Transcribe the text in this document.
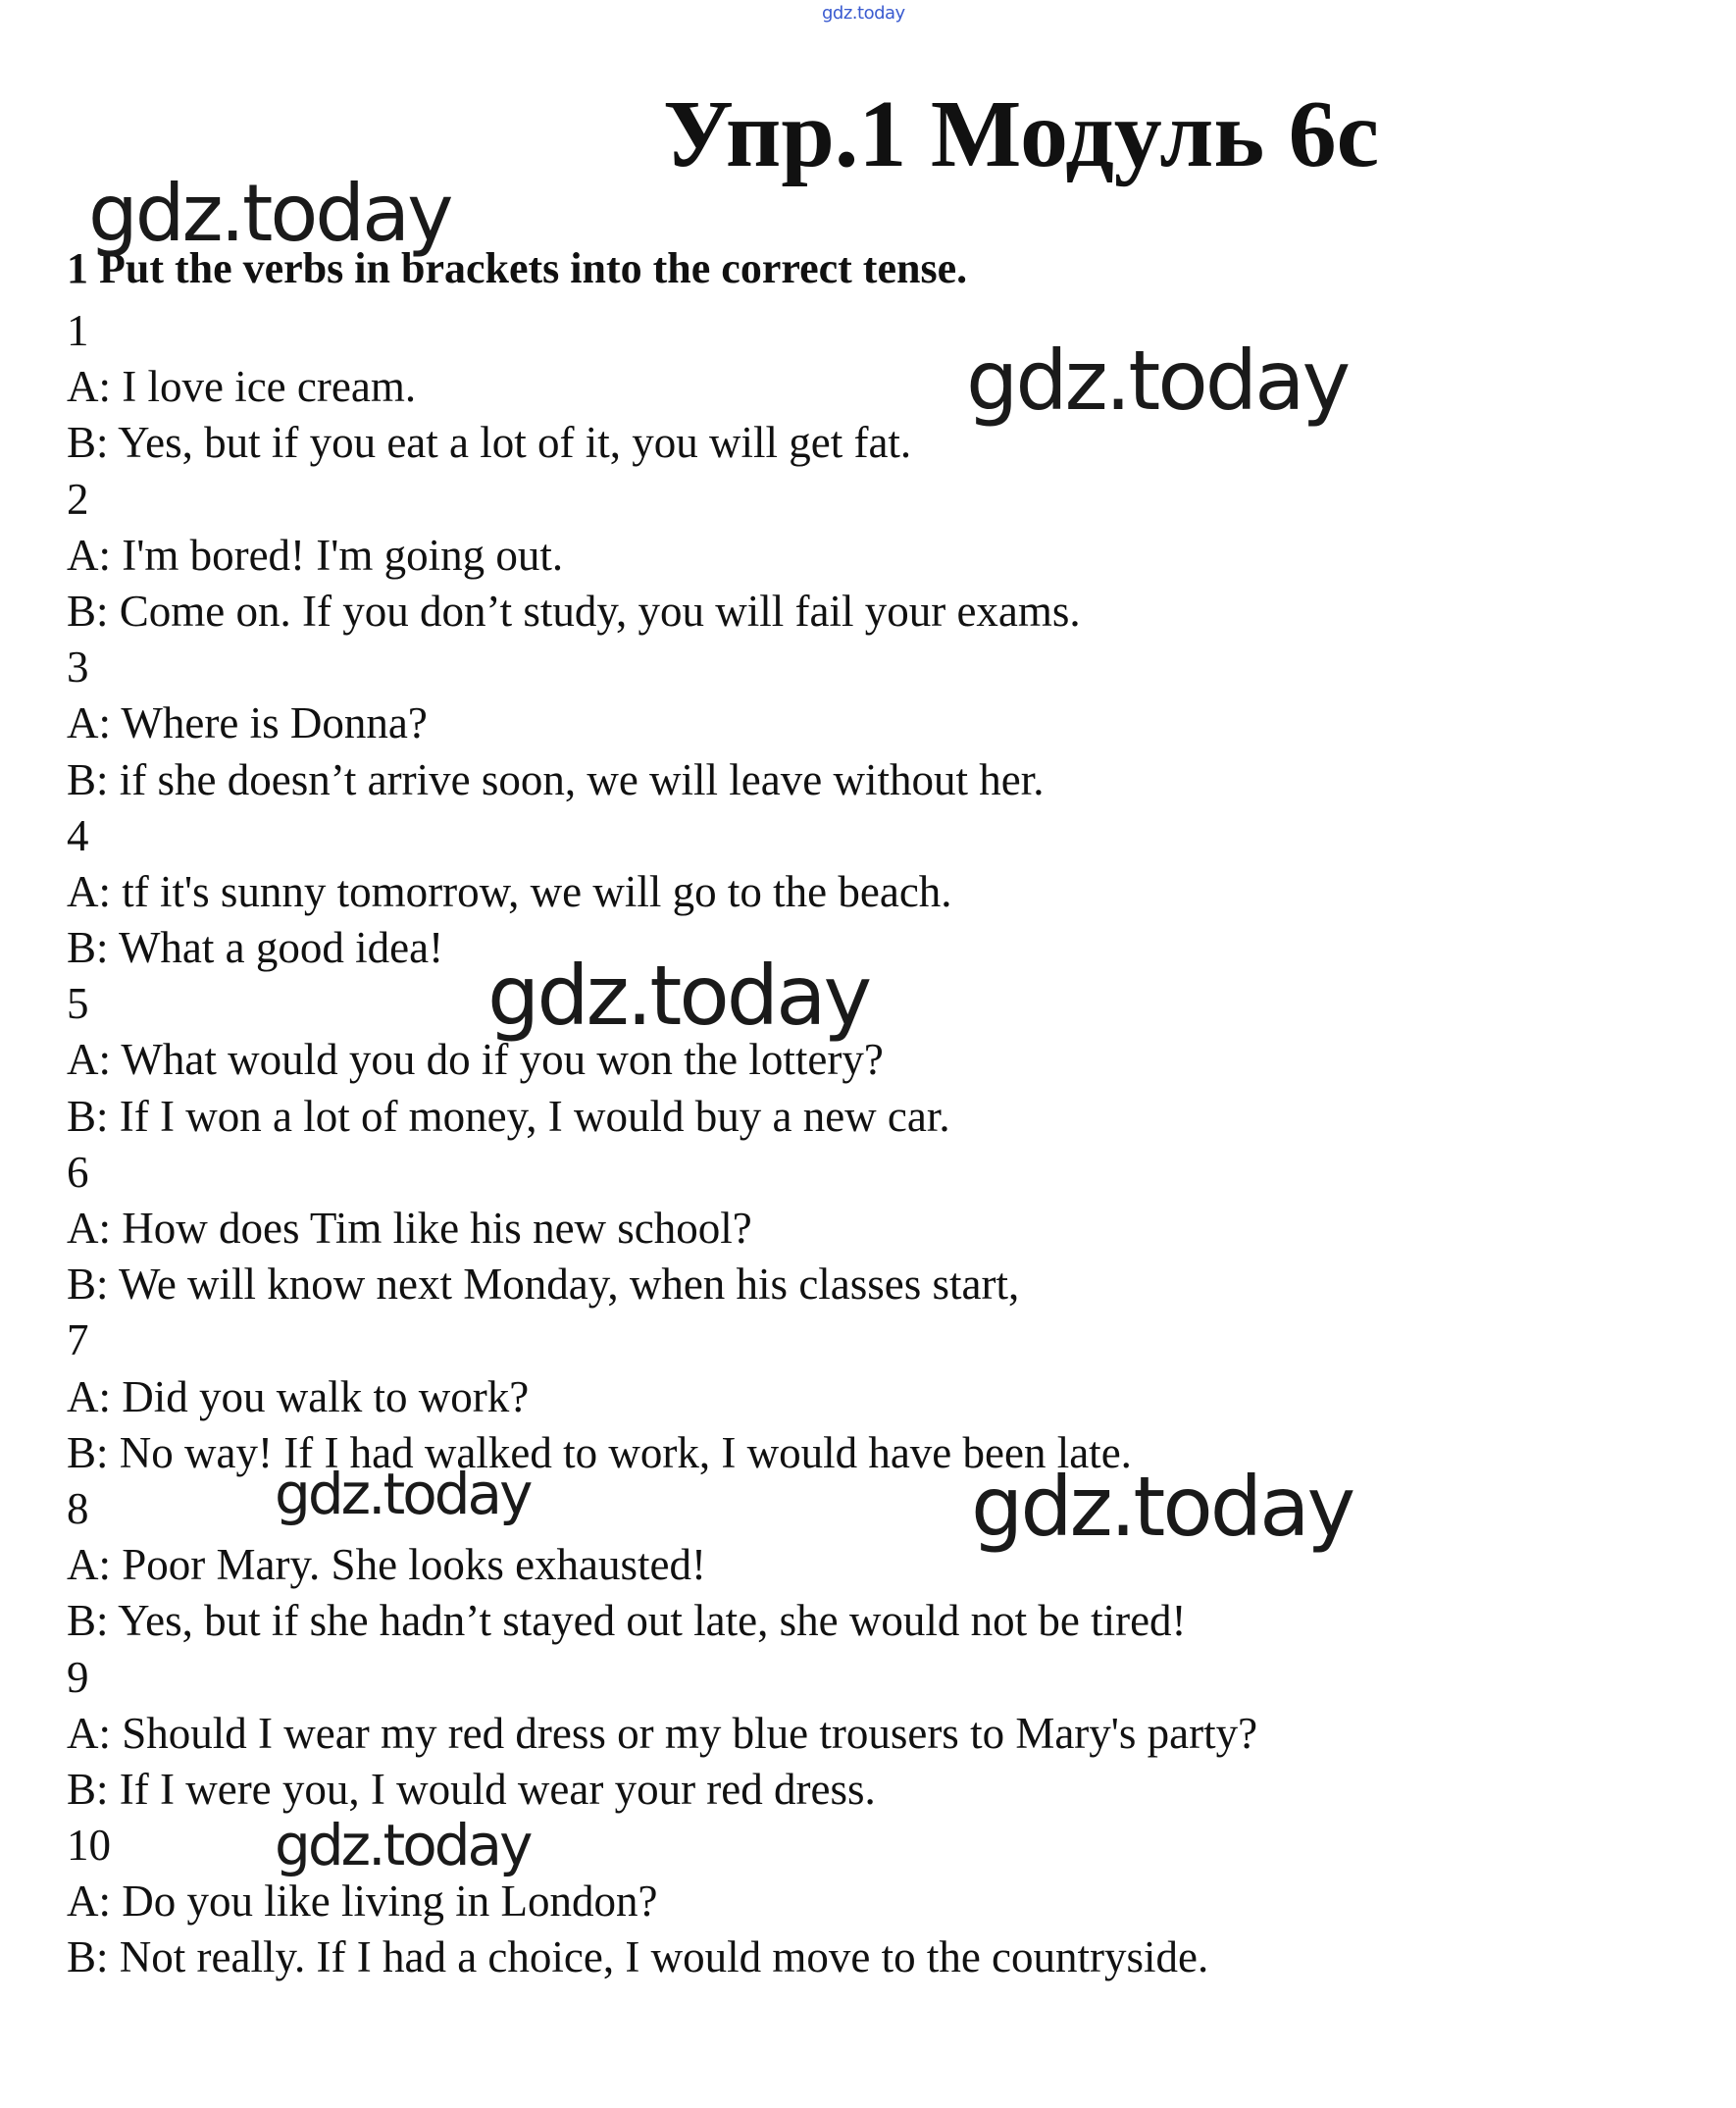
gdz.today
Упр.1 Модуль 6с
1 Put the verbs in brackets into the correct tense.
1
A: I love ice cream.
B: Yes, but if you eat a lot of it, you will get fat.
2
A: I'm bored! I'm going out.
B: Come on. If you don’t study, you will fail your exams.
3
A: Where is Donna?
B: if she doesn’t arrive soon, we will leave without her.
4
A: tf it's sunny tomorrow, we will go to the beach.
B: What a good idea!
5
A: What would you do if you won the lottery?
B: If I won a lot of money, I would buy a new car.
6
A: How does Tim like his new school?
B: We will know next Monday, when his classes start,
7
A: Did you walk to work?
B: No way! If I had walked to work, I would have been late.
8
A: Poor Mary. She looks exhausted!
B: Yes, but if she hadn’t stayed out late, she would not be tired!
9
A: Should I wear my red dress or my blue trousers to Mary's party?
B: If I were you, I would wear your red dress.
10
A: Do you like living in London?
B: Not really. If I had a choice, I would move to the countryside.
gdz.today
gdz.today
gdz.today
gdz.today	gdz.today
gdz.today
